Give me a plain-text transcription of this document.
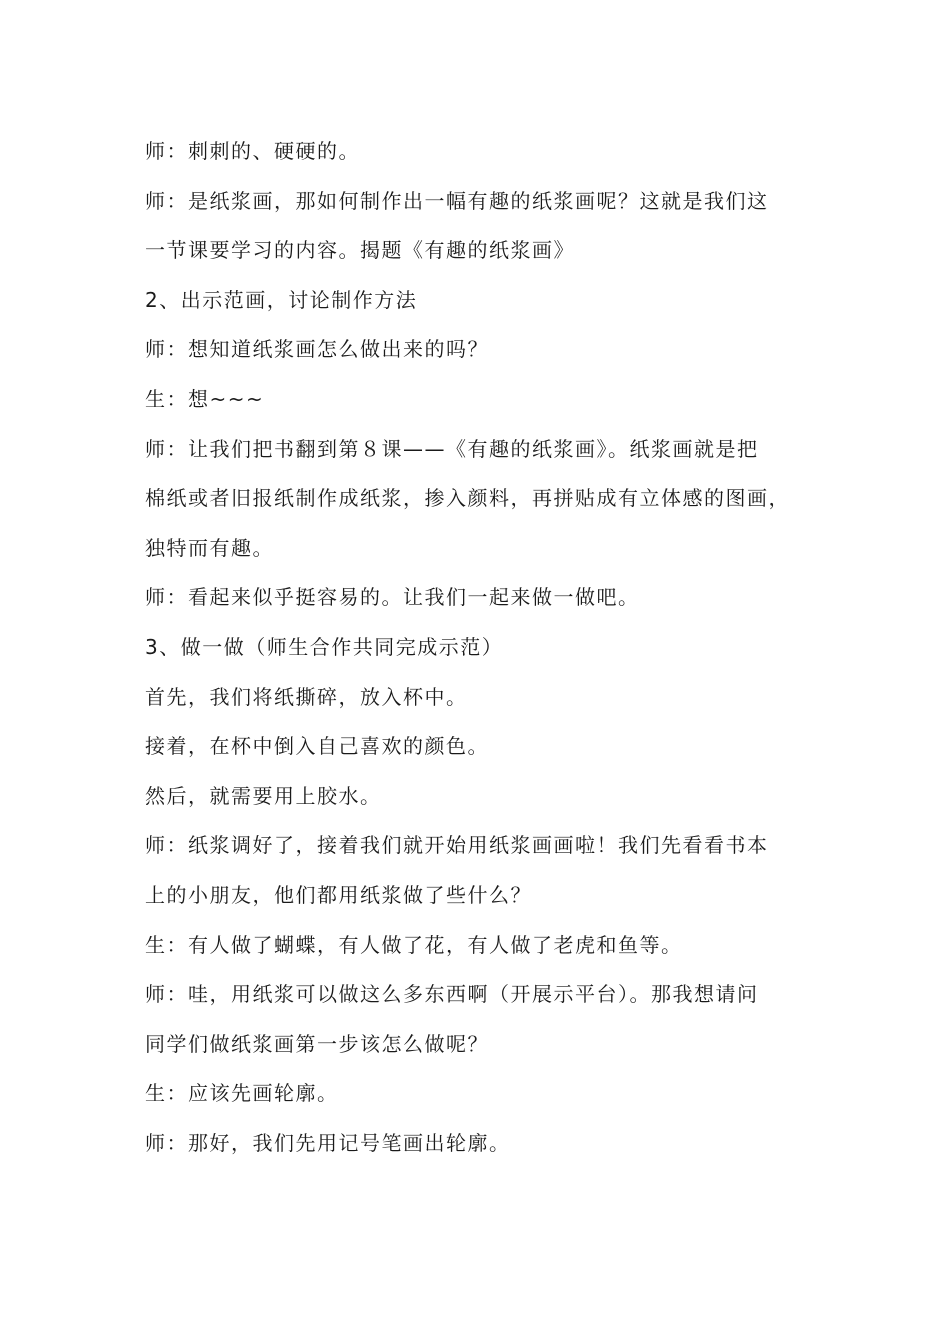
师：刺刺的、硬硬的。
师：是纸浆画，那如何制作出一幅有趣的纸浆画呢？这就是我们这
一节课要学习的内容。揭题《有趣的纸浆画》
2、出示范画，讨论制作方法
师：想知道纸浆画怎么做出来的吗？
生：想~~~
师：让我们把书翻到第８课——《有趣的纸浆画》。纸浆画就是把
棉纸或者旧报纸制作成纸浆，掺入颜料，再拼贴成有立体感的图画，
独特而有趣。
师：看起来似乎挺容易的。让我们一起来做一做吧。
3、做一做（师生合作共同完成示范）
首先，我们将纸撕碎，放入杯中。
接着，在杯中倒入自己喜欢的颜色。
然后，就需要用上胶水。
师：纸浆调好了，接着我们就开始用纸浆画画啦！我们先看看书本
上的小朋友，他们都用纸浆做了些什么？
生：有人做了蝴蝶，有人做了花，有人做了老虎和鱼等。
师：哇，用纸浆可以做这么多东西啊（开展示平台）。那我想请问
同学们做纸浆画第一步该怎么做呢？
生：应该先画轮廓。
师：那好，我们先用记号笔画出轮廓。
